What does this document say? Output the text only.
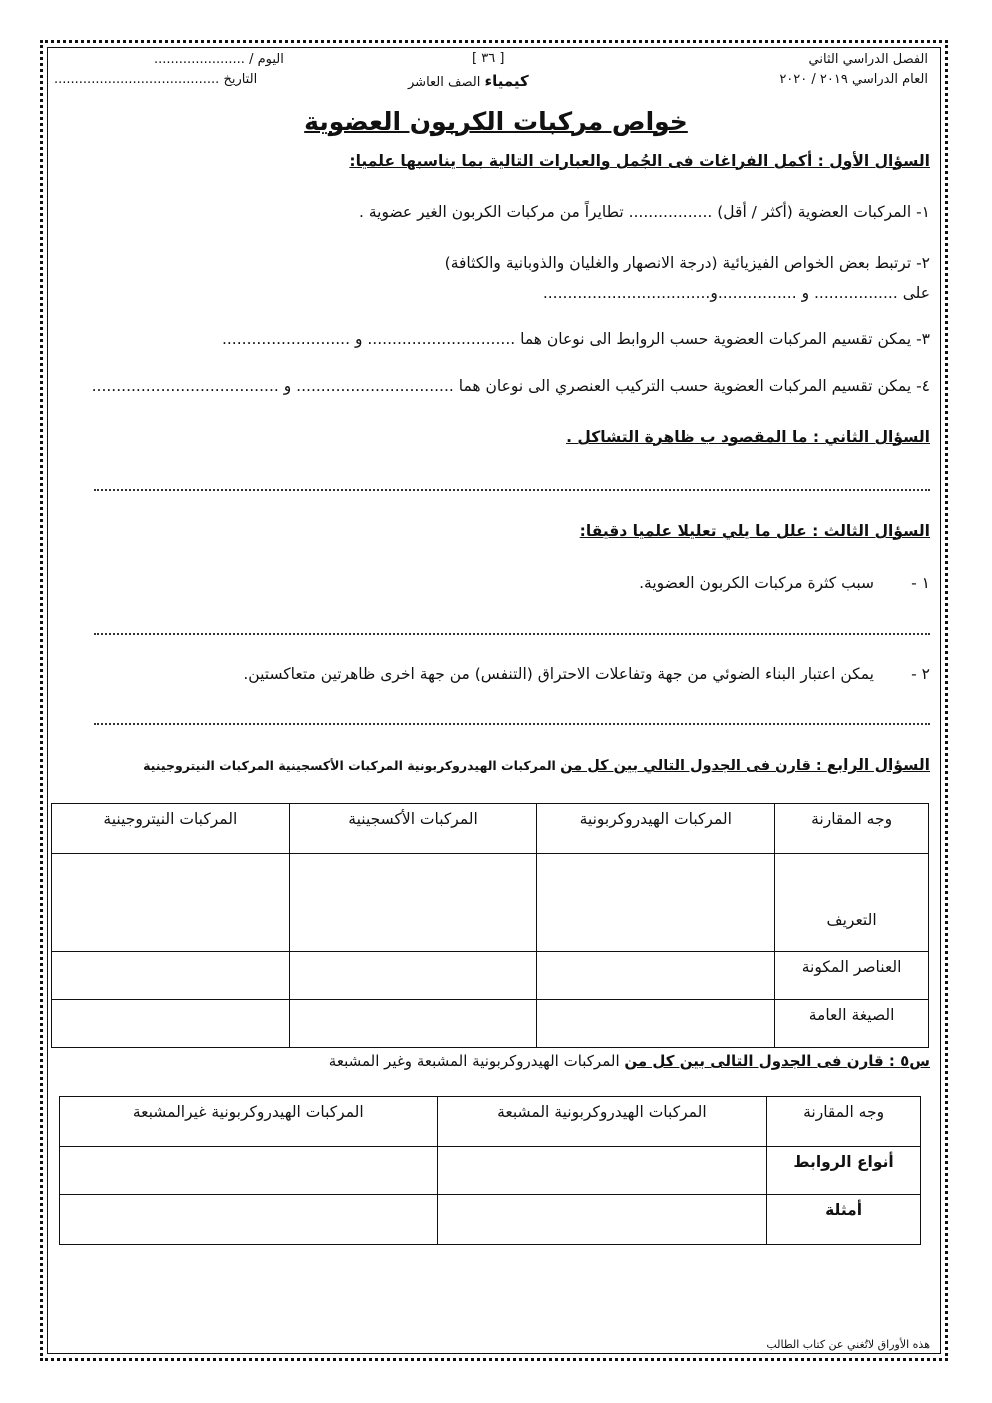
الفصل الدراسي الثاني
العام الدراسي ٢٠١٩ / ٢٠٢٠
[ ٣٦ ]
كيمياء الصف العاشر
اليوم / ......................
التاريخ ........................................
خواص مركبات الكربون العضوية
السؤال الأول : أكمل الفراغات فى الجُمل والعبارات التالية بما يناسبها علميا:
١- المركبات العضوية (أكثر / أقل) ................. تطايراً من مركبات الكربون الغير عضوية .
٢- ترتبط بعض الخواص الفيزيائية (درجة الانصهار والغليان والذوبانية والكثافة)
على ................. و ................و..................................
٣- يمكن تقسيم المركبات العضوية حسب الروابط الى نوعان هما .............................. و ..........................
٤- يمكن تقسيم المركبات العضوية حسب التركيب العنصري الى نوعان هما ................................ و ......................................
السؤال الثاني : ما المقصود ب ظاهرة التشاكل .
السؤال الثالث : علل ما يلي تعليلا علميا دقيقا:
١ -
سبب كثرة مركبات الكربون العضوية.
٢ -
يمكن اعتبار البناء الضوئي من جهة وتفاعلات الاحتراق (التنفس) من جهة اخرى ظاهرتين متعاكستين.
السؤال الرابع : قارن فى الجدول التالي بين كل من المركبات الهيدروكربونية المركبات الأكسجينية المركبات النيتروجينية
وجه المقارنة	المركبات الهيدروكربونية	المركبات الأكسجينية	المركبات النيتروجينية
التعريف			
العناصر المكونة			
الصيغة العامة			
س٥ : قارن فى الجدول التالى بين كل من المركبات الهيدروكربونية المشبعة وغير المشبعة
وجه المقارنة	المركبات الهيدروكربونية المشبعة	المركبات الهيدروكربونية غيرالمشبعة
أنواع الروابط		
أمثلة		
هذه الأوراق لاتُغني عن كتاب الطالب
